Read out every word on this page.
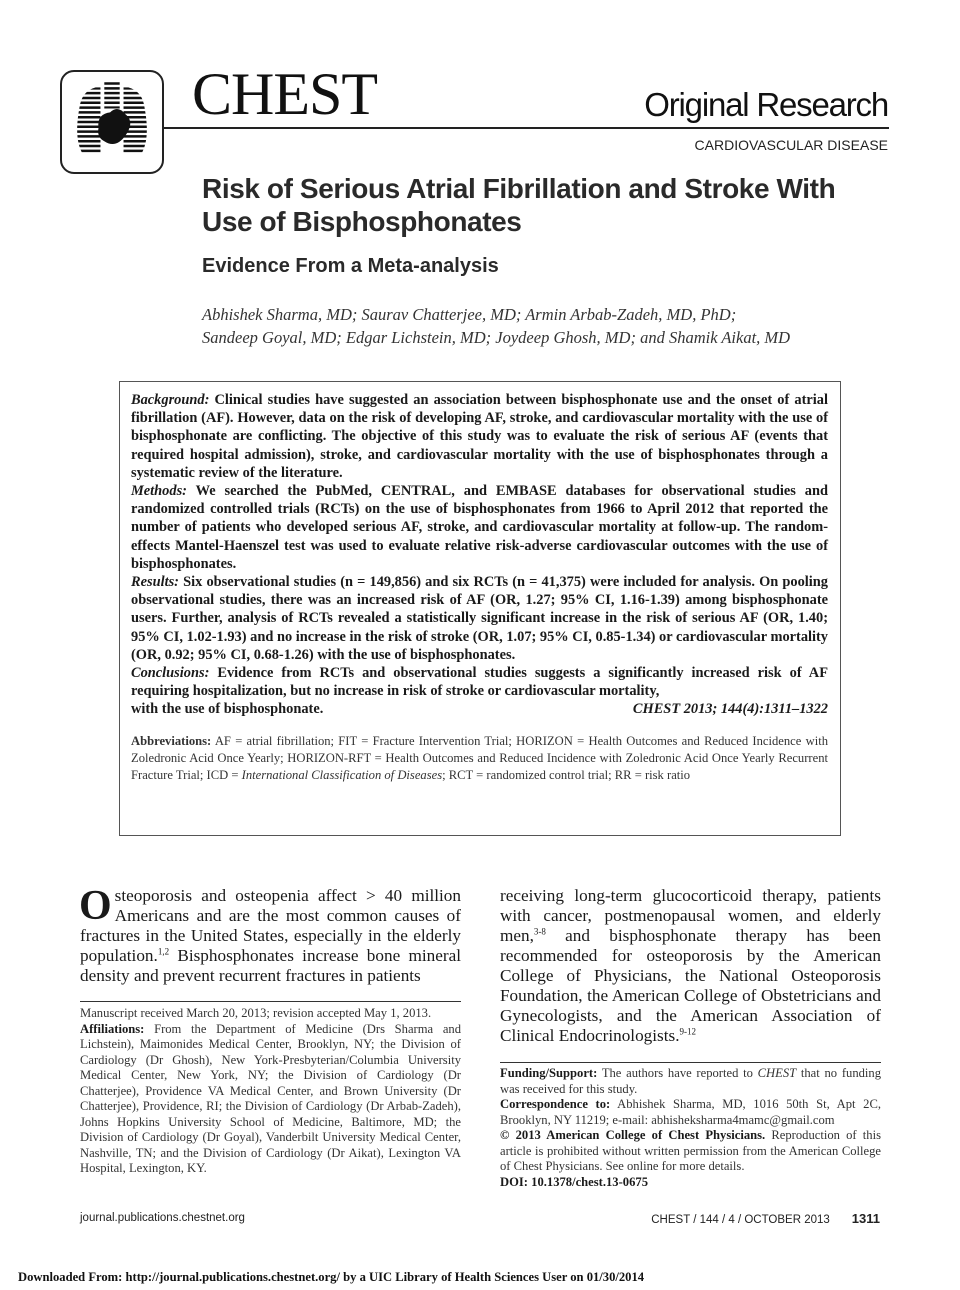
CHEST	Original Research
CARDIOVASCULAR DISEASE
Risk of Serious Atrial Fibrillation and Stroke With Use of Bisphosphonates
Evidence From a Meta-analysis
Abhishek Sharma, MD; Saurav Chatterjee, MD; Armin Arbab-Zadeh, MD, PhD;
Sandeep Goyal, MD; Edgar Lichstein, MD; Joydeep Ghosh, MD; and Shamik Aikat, MD

Background: Clinical studies have suggested an association between bisphosphonate use and the onset of atrial fibrillation (AF). However, data on the risk of developing AF, stroke, and cardiovascular mortality with the use of bisphosphonate are conflicting. The objective of this study was to evaluate the risk of serious AF (events that required hospital admission), stroke, and cardiovascular mortality with the use of bisphosphonates through a systematic review of the literature.

Methods: We searched the PubMed, CENTRAL, and EMBASE databases for observational studies and randomized controlled trials (RCTs) on the use of bisphosphonates from 1966 to April 2012 that reported the number of patients who developed serious AF, stroke, and cardiovascular mortality at follow-up. The random-effects Mantel-Haenszel test was used to evaluate relative risk-adverse cardiovascular outcomes with the use of bisphosphonates.

Results: Six observational studies (n = 149,856) and six RCTs (n = 41,375) were included for analysis. On pooling observational studies, there was an increased risk of AF (OR, 1.27; 95% CI, 1.16-1.39) among bisphosphonate users. Further, analysis of RCTs revealed a statistically significant increase in the risk of serious AF (OR, 1.40; 95% CI, 1.02-1.93) and no increase in the risk of stroke (OR, 1.07; 95% CI, 0.85-1.34) or cardiovascular mortality (OR, 0.92; 95% CI, 0.68-1.26) with the use of bisphosphonates.

Conclusions: Evidence from RCTs and observational studies suggests a significantly increased risk of AF requiring hospitalization, but no increase in risk of stroke or cardiovascular mortality,

with the use of bisphosphonate.	CHEST 2013; 144(4):1311–1322

Abbreviations: AF = atrial fibrillation; FIT = Fracture Intervention Trial; HORIZON = Health Outcomes and Reduced Incidence with Zoledronic Acid Once Yearly; HORIZON-RFT = Health Outcomes and Reduced Incidence with Zoledronic Acid Once Yearly Recurrent Fracture Trial; ICD = International Classification of Diseases; RCT = randomized control trial; RR = risk ratio

Osteoporosis and osteopenia affect > 40 million Americans and are the most common causes of fractures in the United States, especially in the elderly population.$^{1,2}$ Bisphosphonates increase bone mineral density and prevent recurrent fractures in patients
receiving long-term glucocorticoid therapy, patients with cancer, postmenopausal women, and elderly men,$^{3-8}$ and bisphosphonate therapy has been recommended for osteoporosis by the American College of Physicians, the National Osteoporosis Foundation, the American College of Obstetricians and Gynecologists, and the American Association of Clinical Endocrinologists.$^{9-12}$

Manuscript received March 20, 2013; revision accepted May 1, 2013.

Affiliations: From the Department of Medicine (Drs Sharma and Lichstein), Maimonides Medical Center, Brooklyn, NY; the Division of Cardiology (Dr Ghosh), New York-Presbyterian/Columbia University Medical Center, New York, NY; the Division of Cardiology (Dr Chatterjee), Providence VA Medical Center, and Brown University (Dr Chatterjee), Providence, RI; the Division of Cardiology (Dr Arbab-Zadeh), Johns Hopkins University School of Medicine, Baltimore, MD; the Division of Cardiology (Dr Goyal), Vanderbilt University Medical Center, Nashville, TN; and the Division of Cardiology (Dr Aikat), Lexington VA Hospital, Lexington, KY.

Funding/Support: The authors have reported to CHEST that no funding was received for this study.

Correspondence to: Abhishek Sharma, MD, 1016 50th St, Apt 2C, Brooklyn, NY 11219; e-mail: abhisheksharma4mamc@gmail.com

© 2013 American College of Chest Physicians. Reproduction of this article is prohibited without written permission from the American College of Chest Physicians. See online for more details.

DOI: 10.1378/chest.13-0675

journal.publications.chestnet.org	CHEST / 144 / 4 / OCTOBER 2013 1311
Downloaded From: http://journal.publications.chestnet.org/ by a UIC Library of Health Sciences User on 01/30/2014
